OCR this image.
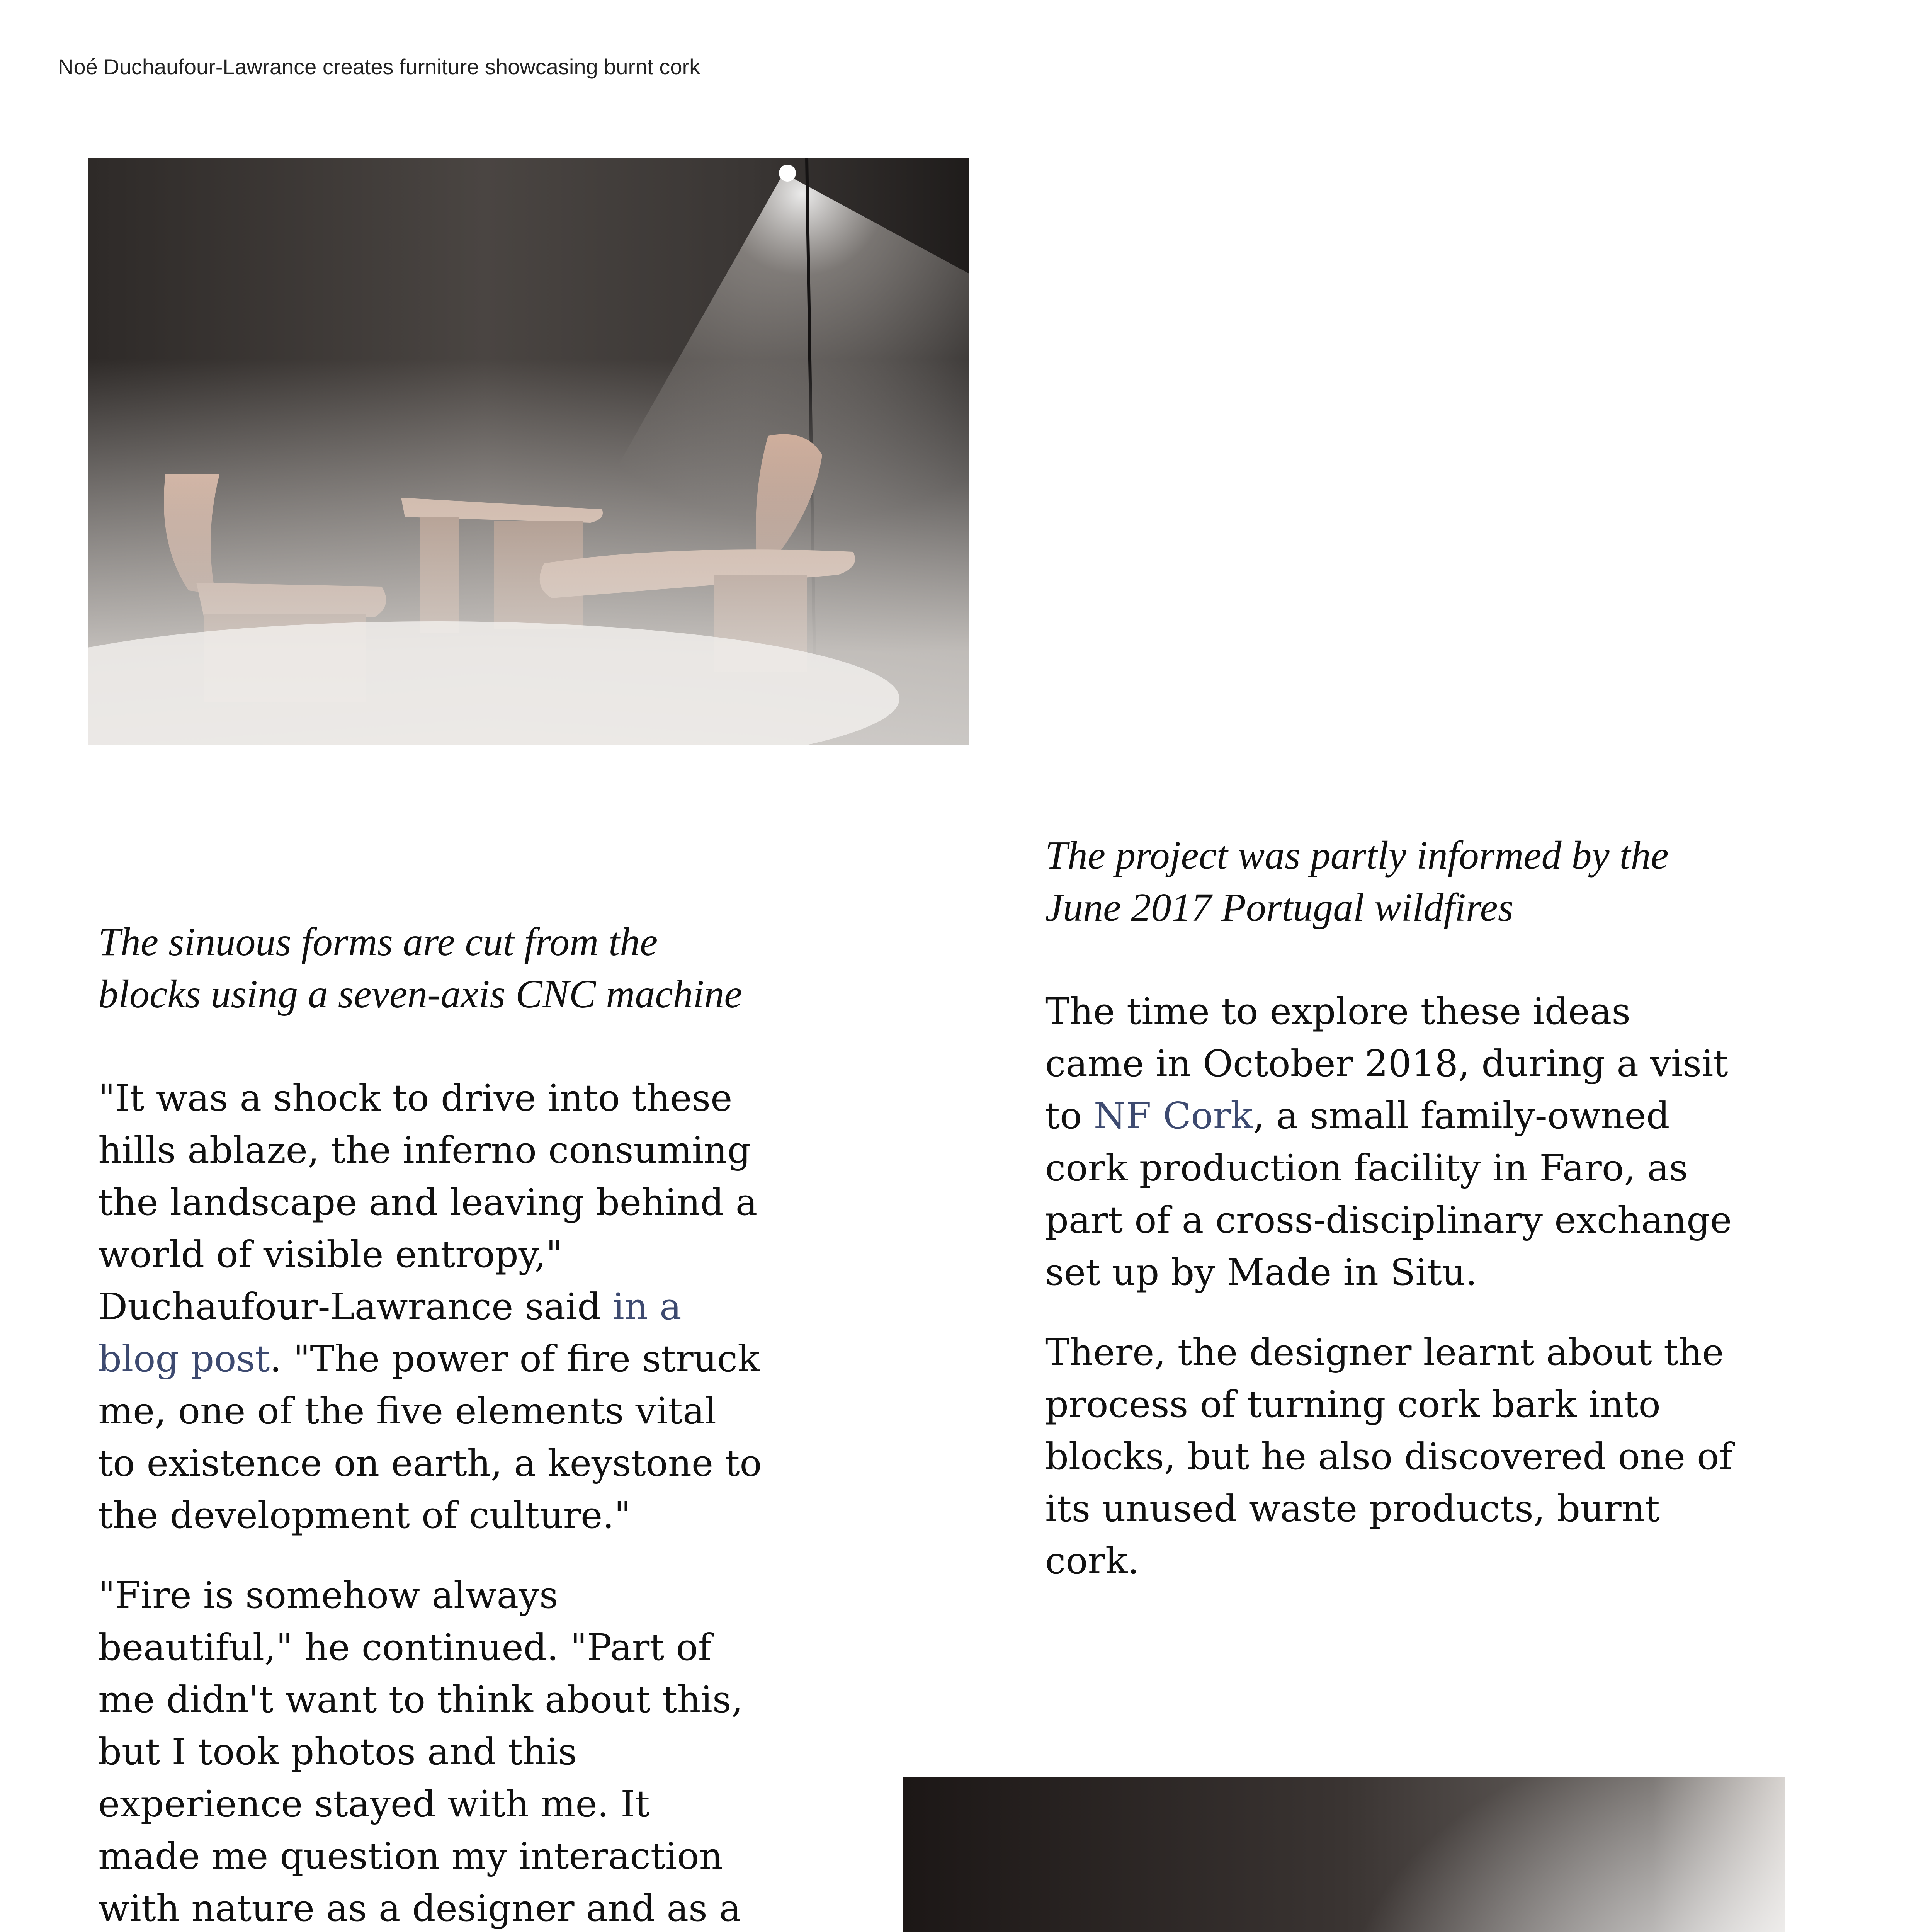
Noé Duchaufour-Lawrance creates furniture showcasing burnt cork

The sinuous forms are cut from the blocks using a seven-axis CNC machine

"It was a shock to drive into these hills ablaze, the inferno consuming the landscape and leaving behind a world of visible entropy," Duchaufour-Lawrance said in a blog post. "The power of fire struck me, one of the five elements vital to existence on earth, a keystone to the development of culture."

"Fire is somehow always beautiful," he continued. "Part of me didn't want to think about this, but I took photos and this experience stayed with me. It made me question my interaction with nature as a designer and as a

The project was partly informed by the June 2017 Portugal wildfires

The time to explore these ideas came in October 2018, during a visit to NF Cork, a small family-owned cork production facility in Faro, as part of a cross-disciplinary exchange set up by Made in Situ.

There, the designer learnt about the process of turning cork bark into blocks, but he also discovered one of its unused waste products, burnt cork.
